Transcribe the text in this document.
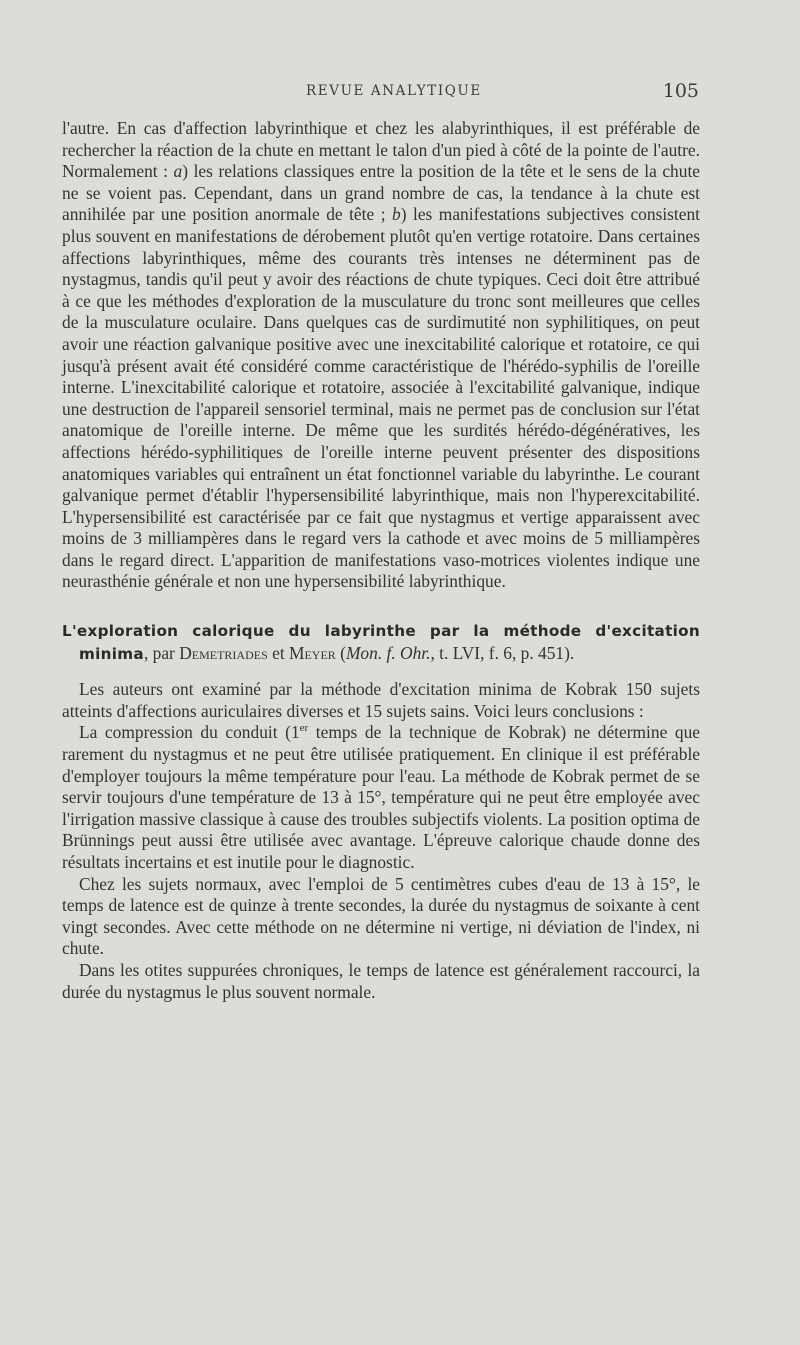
REVUE ANALYTIQUE	105

l'autre. En cas d'affection labyrinthique et chez les alabyrinthiques, il est préférable de rechercher la réaction de la chute en mettant le talon d'un pied à côté de la pointe de l'autre. Normalement : a) les relations classiques entre la position de la tête et le sens de la chute ne se voient pas. Cependant, dans un grand nombre de cas, la tendance à la chute est annihilée par une position anormale de tête ; b) les manifestations subjectives consistent plus souvent en manifestations de dérobement plutôt qu'en vertige rotatoire. Dans certaines affections labyrinthiques, même des courants très intenses ne déterminent pas de nystagmus, tandis qu'il peut y avoir des réactions de chute typiques. Ceci doit être attribué à ce que les méthodes d'exploration de la musculature du tronc sont meilleures que celles de la musculature oculaire. Dans quelques cas de surdimutité non syphilitiques, on peut avoir une réaction galvanique positive avec une inexcitabilité calorique et rotatoire, ce qui jusqu'à présent avait été considéré comme caractéristique de l'hérédo-syphilis de l'oreille interne. L'inexcitabilité calorique et rotatoire, associée à l'excitabilité galvanique, indique une destruction de l'appareil sensoriel terminal, mais ne permet pas de conclusion sur l'état anatomique de l'oreille interne. De même que les surdités hérédo-dégénératives, les affections hérédo-syphilitiques de l'oreille interne peuvent présenter des dispositions anatomiques variables qui entraînent un état fonctionnel variable du labyrinthe. Le courant galvanique permet d'établir l'hypersensibilité labyrinthique, mais non l'hyperexcitabilité. L'hypersensibilité est caractérisée par ce fait que nystagmus et vertige apparaissent avec moins de 3 milliampères dans le regard vers la cathode et avec moins de 5 milliampères dans le regard direct. L'apparition de manifestations vaso-motrices violentes indique une neurasthénie générale et non une hypersensibilité labyrinthique.

L'exploration calorique du labyrinthe par la méthode d'excitation minima, par Demetriades et Meyer (Mon. f. Ohr., t. LVI, f. 6, p. 451).

Les auteurs ont examiné par la méthode d'excitation minima de Kobrak 150 sujets atteints d'affections auriculaires diverses et 15 sujets sains. Voici leurs conclusions :

La compression du conduit (1er temps de la technique de Kobrak) ne détermine que rarement du nystagmus et ne peut être utilisée pratiquement. En clinique il est préférable d'employer toujours la même température pour l'eau. La méthode de Kobrak permet de se servir toujours d'une température de 13 à 15°, température qui ne peut être employée avec l'irrigation massive classique à cause des troubles subjectifs violents. La position optima de Brünnings peut aussi être utilisée avec avantage. L'épreuve calorique chaude donne des résultats incertains et est inutile pour le diagnostic.

Chez les sujets normaux, avec l'emploi de 5 centimètres cubes d'eau de 13 à 15°, le temps de latence est de quinze à trente secondes, la durée du nystagmus de soixante à cent vingt secondes. Avec cette méthode on ne détermine ni vertige, ni déviation de l'index, ni chute.

Dans les otites suppurées chroniques, le temps de latence est généralement raccourci, la durée du nystagmus le plus souvent normale.
